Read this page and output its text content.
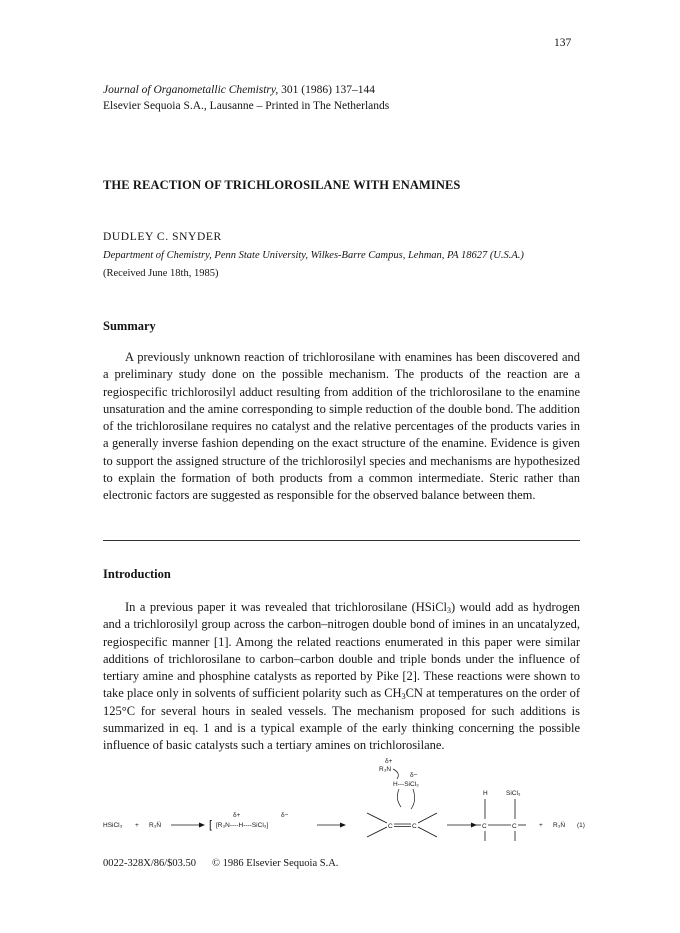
137
Journal of Organometallic Chemistry, 301 (1986) 137–144
Elsevier Sequoia S.A., Lausanne – Printed in The Netherlands
THE REACTION OF TRICHLOROSILANE WITH ENAMINES
DUDLEY C. SNYDER
Department of Chemistry, Penn State University, Wilkes-Barre Campus, Lehman, PA 18627 (U.S.A.)
(Received June 18th, 1985)
Summary

A previously unknown reaction of trichlorosilane with enamines has been discovered and a preliminary study done on the possible mechanism. The products of the reaction are a regiospecific trichlorosilyl adduct resulting from addition of the trichlorosilane to the enamine unsaturation and the amine corresponding to simple reduction of the double bond. The addition of the trichlorosilane requires no catalyst and the relative percentages of the products varies in a generally inverse fashion depending on the exact structure of the enamine. Evidence is given to support the assigned structure of the trichlorosilyl species and mechanisms are hypothesized to explain the formation of both products from a common intermediate. Steric rather than electronic factors are suggested as responsible for the observed balance between them.

Introduction

In a previous paper it was revealed that trichlorosilane (HSiCl$_3$) would add as hydrogen and a trichlorosilyl group across the carbon–nitrogen double bond of imines in an uncatalyzed, regiospecific manner [1]. Among the related reactions enumerated in this paper were similar additions of trichlorosilane to carbon–carbon double and triple bonds under the influence of tertiary amine and phosphine catalysts as reported by Pike [2]. These reactions were shown to take place only in solvents of sufficient polarity such as $CH_3CN$ at temperatures on the order of 125°C for several hours in sealed vessels. The mechanism proposed for such additions is summarized in eq. 1 and is a typical example of the early thinking concerning the possible influence of basic catalysts such a tertiary amines on trichlorosilane.

HSiCl₃ + R₃N̈	[ [R₃N----H----SiCl₃]
δ+	δ−
δ+
R₃N
δ−
H---SiCl₃
C	C
H	SiCl₃
C	C	+ R₃N̈ (1)
0022-328X/86/$03.50 © 1986 Elsevier Sequoia S.A.
